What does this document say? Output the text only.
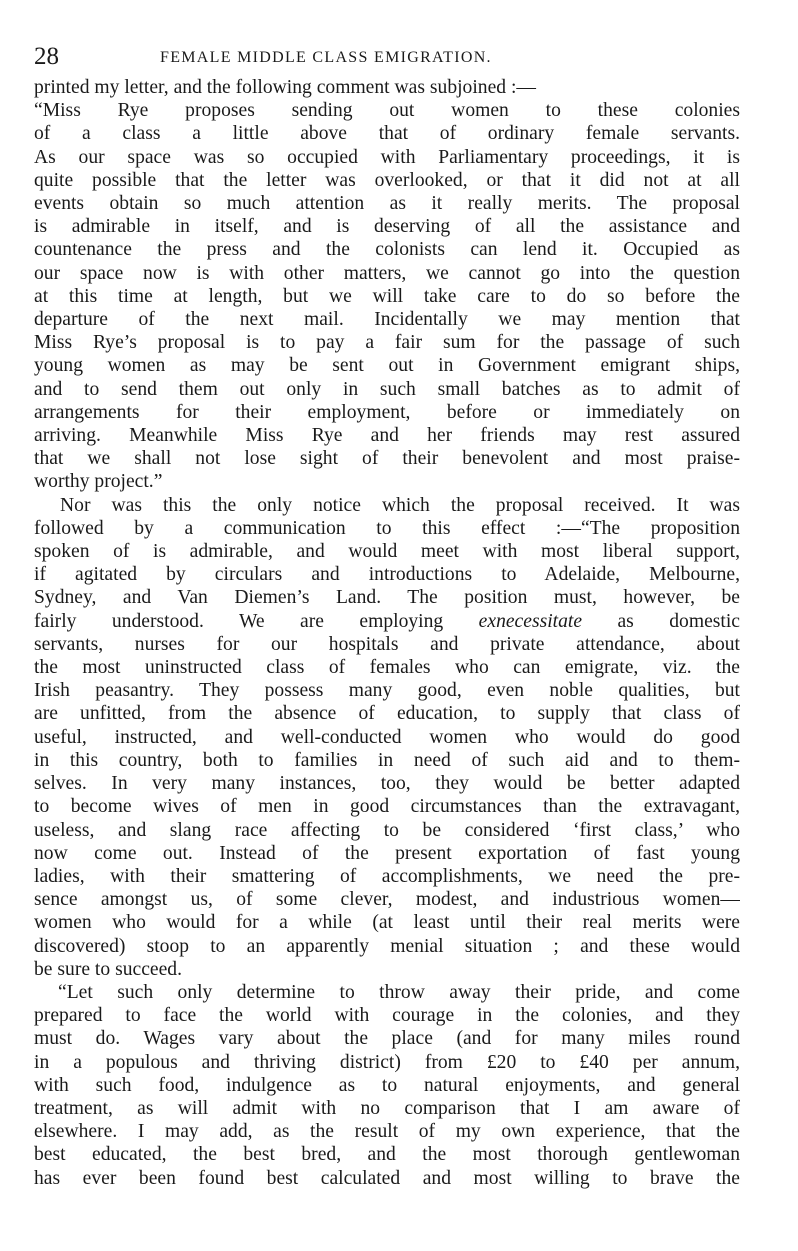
28	FEMALE MIDDLE CLASS EMIGRATION.
printed my letter, and the following comment was subjoined :—
“Miss Rye proposes sending out women to these colonies
of a class a little above that of ordinary female servants.
As our space was so occupied with Parliamentary proceedings, it is
quite possible that the letter was overlooked, or that it did not at all
events obtain so much attention as it really merits. The proposal
is admirable in itself, and is deserving of all the assistance and
countenance the press and the colonists can lend it. Occupied as
our space now is with other matters, we cannot go into the question
at this time at length, but we will take care to do so before the
departure of the next mail. Incidentally we may mention that
Miss Rye’s proposal is to pay a fair sum for the passage of such
young women as may be sent out in Government emigrant ships,
and to send them out only in such small batches as to admit of
arrangements for their employment, before or immediately on
arriving. Meanwhile Miss Rye and her friends may rest assured
that we shall not lose sight of their benevolent and most praise-
worthy project.”
Nor was this the only notice which the proposal received. It was
followed by a communication to this effect :—“The proposition
spoken of is admirable, and would meet with most liberal support,
if agitated by circulars and introductions to Adelaide, Melbourne,
Sydney, and Van Diemen’s Land. The position must, however, be
fairly understood. We are employing exnecessitate as domestic
servants, nurses for our hospitals and private attendance, about
the most uninstructed class of females who can emigrate, viz. the
Irish peasantry. They possess many good, even noble qualities, but
are unfitted, from the absence of education, to supply that class of
useful, instructed, and well-conducted women who would do good
in this country, both to families in need of such aid and to them-
selves. In very many instances, too, they would be better adapted
to become wives of men in good circumstances than the extravagant,
useless, and slang race affecting to be considered ‘first class,’ who
now come out. Instead of the present exportation of fast young
ladies, with their smattering of accomplishments, we need the pre-
sence amongst us, of some clever, modest, and industrious women—
women who would for a while (at least until their real merits were
discovered) stoop to an apparently menial situation ; and these would
be sure to succeed.
“Let such only determine to throw away their pride, and come
prepared to face the world with courage in the colonies, and they
must do. Wages vary about the place (and for many miles round
in a populous and thriving district) from £20 to £40 per annum,
with such food, indulgence as to natural enjoyments, and general
treatment, as will admit with no comparison that I am aware of
elsewhere. I may add, as the result of my own experience, that the
best educated, the best bred, and the most thorough gentlewoman
has ever been found best calculated and most willing to brave the
